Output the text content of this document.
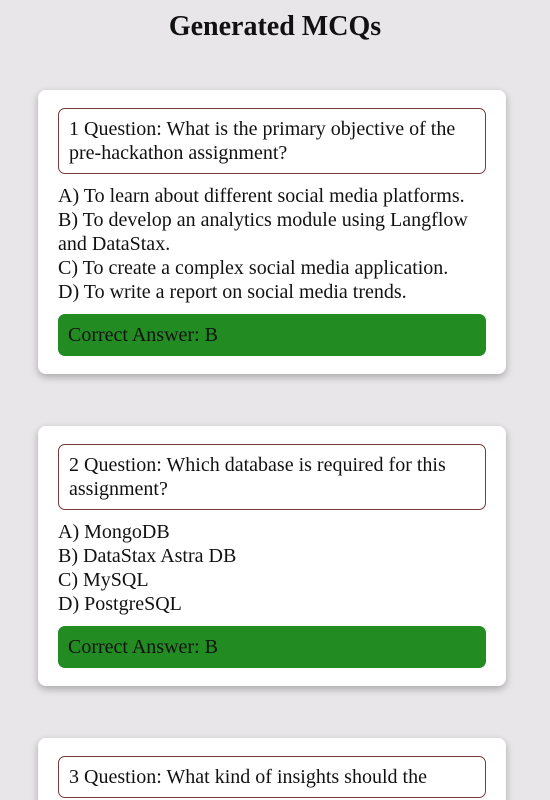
Generated MCQs
1 Question: What is the primary objective of the pre-hackathon assignment?
A) To learn about different social media platforms.
B) To develop an analytics module using Langflow and DataStax.
C) To create a complex social media application.
D) To write a report on social media trends.
Correct Answer: B
2 Question: Which database is required for this assignment?
A) MongoDB
B) DataStax Astra DB
C) MySQL
D) PostgreSQL
Correct Answer: B
3 Question: What kind of insights should the
